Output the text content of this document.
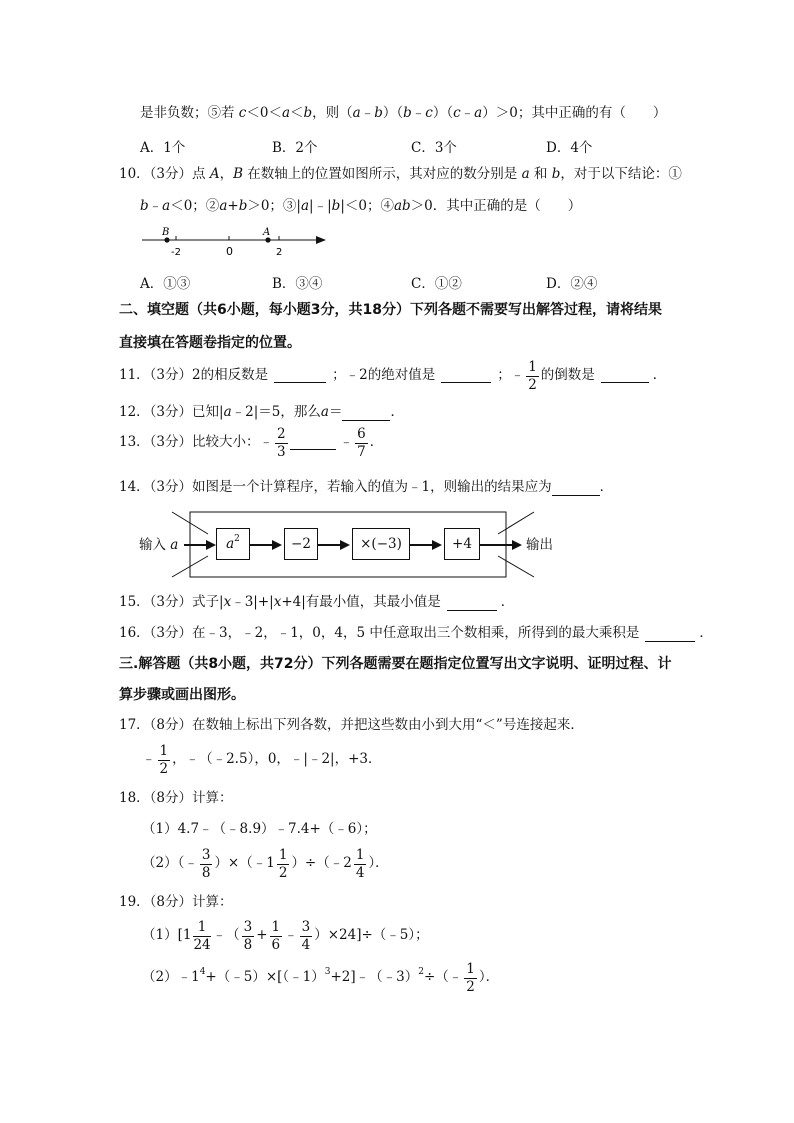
是非负数；⑤若 c＜0＜a＜b，则（a﹣b）（b﹣c）（c﹣a）＞0；其中正确的有（　　）
A．1个	B．2个	C．3个	D．4个
10．（3分）点 A，B 在数轴上的位置如图所示，其对应的数分别是 a 和 b，对于以下结论：①
b﹣a＜0；②a+b＞0；③|a|﹣|b|＜0；④ab＞0．其中正确的是（　　）
B	A
-2	0	2
A．①③	B．③④	C．①②	D．②④
二、填空题（共6小题，每小题3分，共18分）下列各题不需要写出解答过程，请将结果
直接填在答题卷指定的位置。
11．（3分）2的相反数是
	；﹣2的绝对值是
	；﹣ $\frac{1}{2}$ 的倒数是
	．
12．（3分）已知|a﹣2|＝5，那么a＝	．
13．（3分）比较大小：﹣ $\frac{2}{3}$
	﹣ $\frac{6}{7}$ ．
14．（3分）如图是一个计算程序，若输入的值为﹣1，则输出的结果应为	．
输入 a	$a^2$	−2	×(−3)	+4	输出
15．（3分）式子|x﹣3|+|x+4|有最小值，其最小值是	．
16．（3分）在﹣3，﹣2，﹣1，0，4，5 中任意取出三个数相乘，所得到的最大乘积是	．
三.解答题（共8小题，共72分）下列各题需要在题指定位置写出文字说明、证明过程、计
算步骤或画出图形。
17．（8分）在数轴上标出下列各数，并把这些数由小到大用“＜”号连接起来．
﹣ $\frac{1}{2}$ ，﹣（﹣2.5），0，﹣|﹣2|，+3．
18．（8分）计算：
（1）4.7﹣（﹣8.9）﹣7.4+（﹣6）；
（2）（﹣ $\frac{3}{8}$ ）×（﹣1 $\frac{1}{2}$ ）÷（﹣2 $\frac{1}{4}$ ）．
19．（8分）计算：
$(1)[1 \frac{1}{24}$ ﹣（ $\frac{3}{8} + \frac{1}{6}$ ﹣ $\frac{3}{4}$ ）×24]÷（﹣5）；
$(2)﹣1^4$ +（﹣5）×[（﹣1）$^3$ +2]﹣（﹣3）$^2$ ÷（﹣ $\frac{1}{2}$ ）．
